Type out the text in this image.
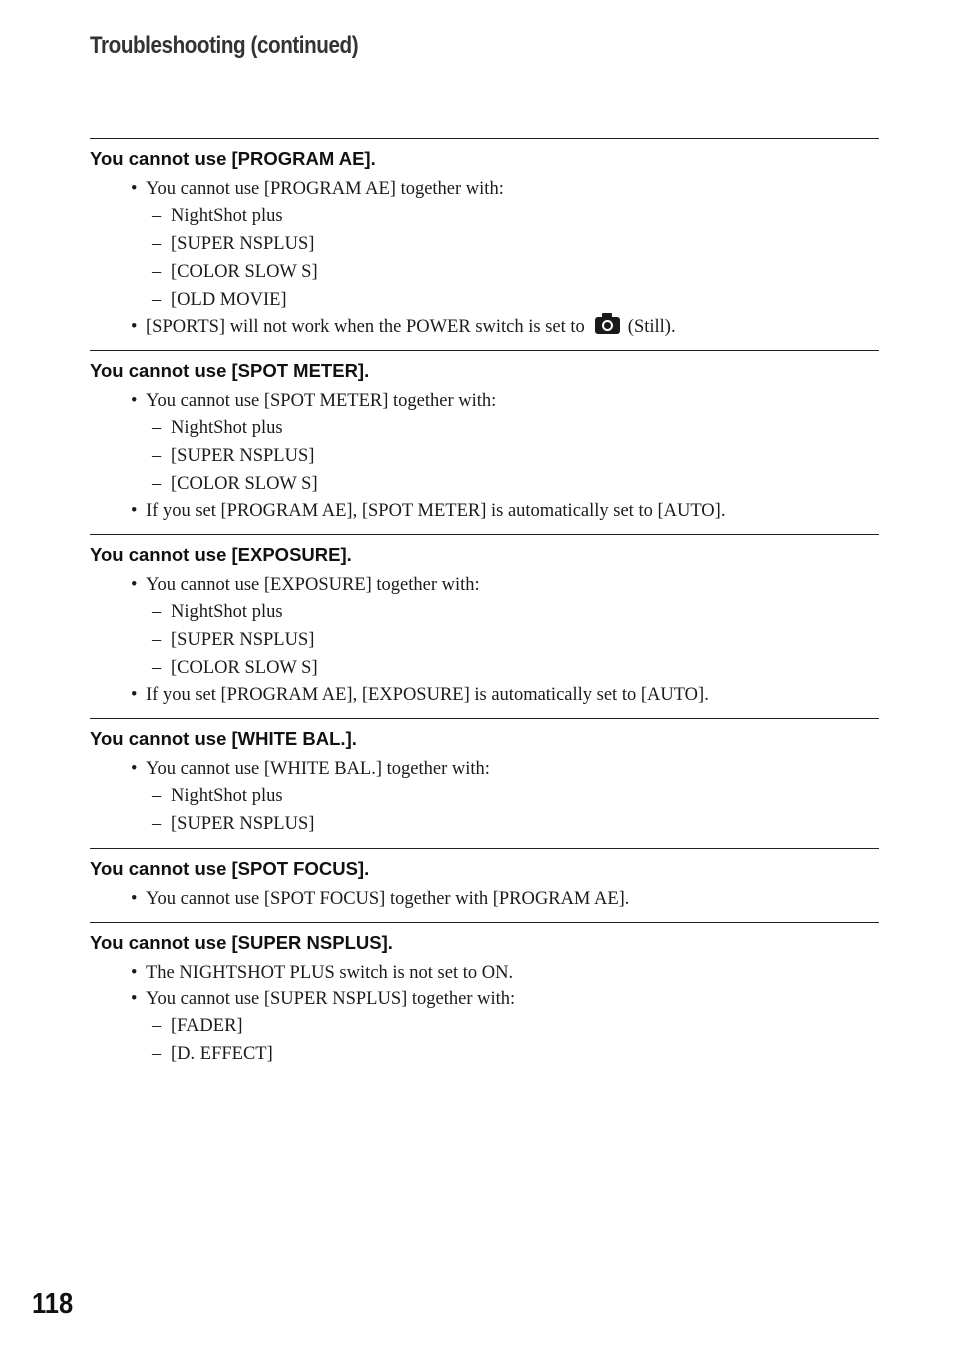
Troubleshooting (continued)
You cannot use [PROGRAM AE].
• You cannot use [PROGRAM AE] together with:
– NightShot plus
– [SUPER NSPLUS]
– [COLOR SLOW S]
– [OLD MOVIE]
• [SPORTS] will not work when the POWER switch is set to (Still).
You cannot use [SPOT METER].
• You cannot use [SPOT METER] together with:
– NightShot plus
– [SUPER NSPLUS]
– [COLOR SLOW S]
• If you set [PROGRAM AE], [SPOT METER] is automatically set to [AUTO].
You cannot use [EXPOSURE].
• You cannot use [EXPOSURE] together with:
– NightShot plus
– [SUPER NSPLUS]
– [COLOR SLOW S]
• If you set [PROGRAM AE], [EXPOSURE] is automatically set to [AUTO].
You cannot use [WHITE BAL.].
• You cannot use [WHITE BAL.] together with:
– NightShot plus
– [SUPER NSPLUS]
You cannot use [SPOT FOCUS].
• You cannot use [SPOT FOCUS] together with [PROGRAM AE].
You cannot use [SUPER NSPLUS].
• The NIGHTSHOT PLUS switch is not set to ON.
• You cannot use [SUPER NSPLUS] together with:
– [FADER]
– [D. EFFECT]
118
